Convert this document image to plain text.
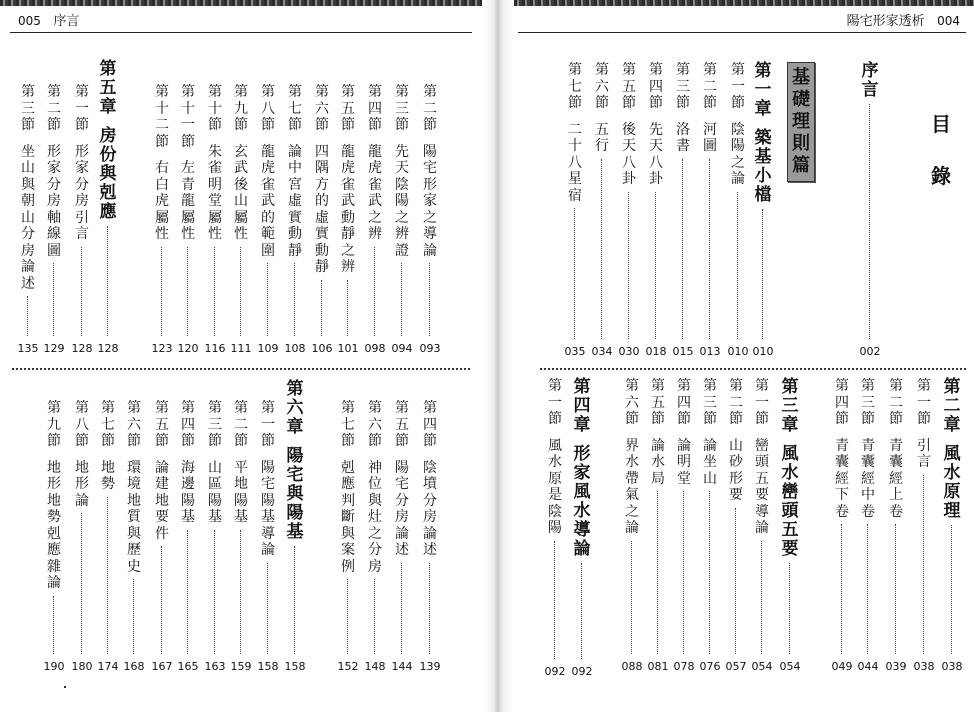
005 序言	陽宅形家透析 004
目
錄
基
礎
理
則
篇
序
言
002
第
一
章
築
基
小
檔
010
第
一
節
陰
陽
之
論
010
第
二
節
河
圖
013
第
三
節
洛
書
015
第
四
節
先
天
八
卦
018
第
五
節
後
天
八
卦
030
第
六
節
五
行
034
第
七
節
二
十
八
星
宿
035
第
二
章
風
水
原
理
038
第
一
節
引
言
038
第
二
節
青
囊
經
上
卷
039
第
三
節
青
囊
經
中
卷
044
第
四
節
青
囊
經
下
卷
049
第
三
章
風
水
巒
頭
五
要
054
第
一
節
巒
頭
五
要
導
論
054
第
二
節
山
砂
形
要
057
第
三
節
論
坐
山
076
第
四
節
論
明
堂
078
第
五
節
論
水
局
081
第
六
節
界
水
帶
氣
之
論
088
第
四
章
形
家
風
水
導
論
092
第
一
節
風
水
原
是
陰
陽
092
第
二
節
陽
宅
形
家
之
導
論
093
第
三
節
先
天
陰
陽
之
辨
證
094
第
四
節
龍
虎
雀
武
之
辨
098
第
五
節
龍
虎
雀
武
動
靜
之
辨
101
第
六
節
四
隅
方
的
虛
實
動
靜
106
第
七
節
論
中
宮
虛
實
動
靜
108
第
八
節
龍
虎
雀
武
的
範
圍
109
第
九
節
玄
武
後
山
屬
性
111
第
十
節
朱
雀
明
堂
屬
性
116
第
十
一
節
左
青
龍
屬
性
120
第
十
二
節
右
白
虎
屬
性
123
第
五
章
房
份
與
剋
應
128
第
一
節
形
家
分
房
引
言
128
第
二
節
形
家
分
房
軸
線
圖
129
第
三
節
坐
山
與
朝
山
分
房
論
述
135
第
四
節
陰
墳
分
房
論
述
139
第
五
節
陽
宅
分
房
論
述
144
第
六
節
神
位
與
灶
之
分
房
148
第
七
節
剋
應
判
斷
與
案
例
152
第
六
章
陽
宅
與
陽
基
158
第
一
節
陽
宅
陽
基
導
論
158
第
二
節
平
地
陽
基
159
第
三
節
山
區
陽
基
163
第
四
節
海
邊
陽
基
165
第
五
節
論
建
地
要
件
167
第
六
節
環
境
地
質
與
歷
史
168
第
七
節
地
勢
174
第
八
節
地
形
論
180
第
九
節
地
形
地
勢
剋
應
雜
論
190
